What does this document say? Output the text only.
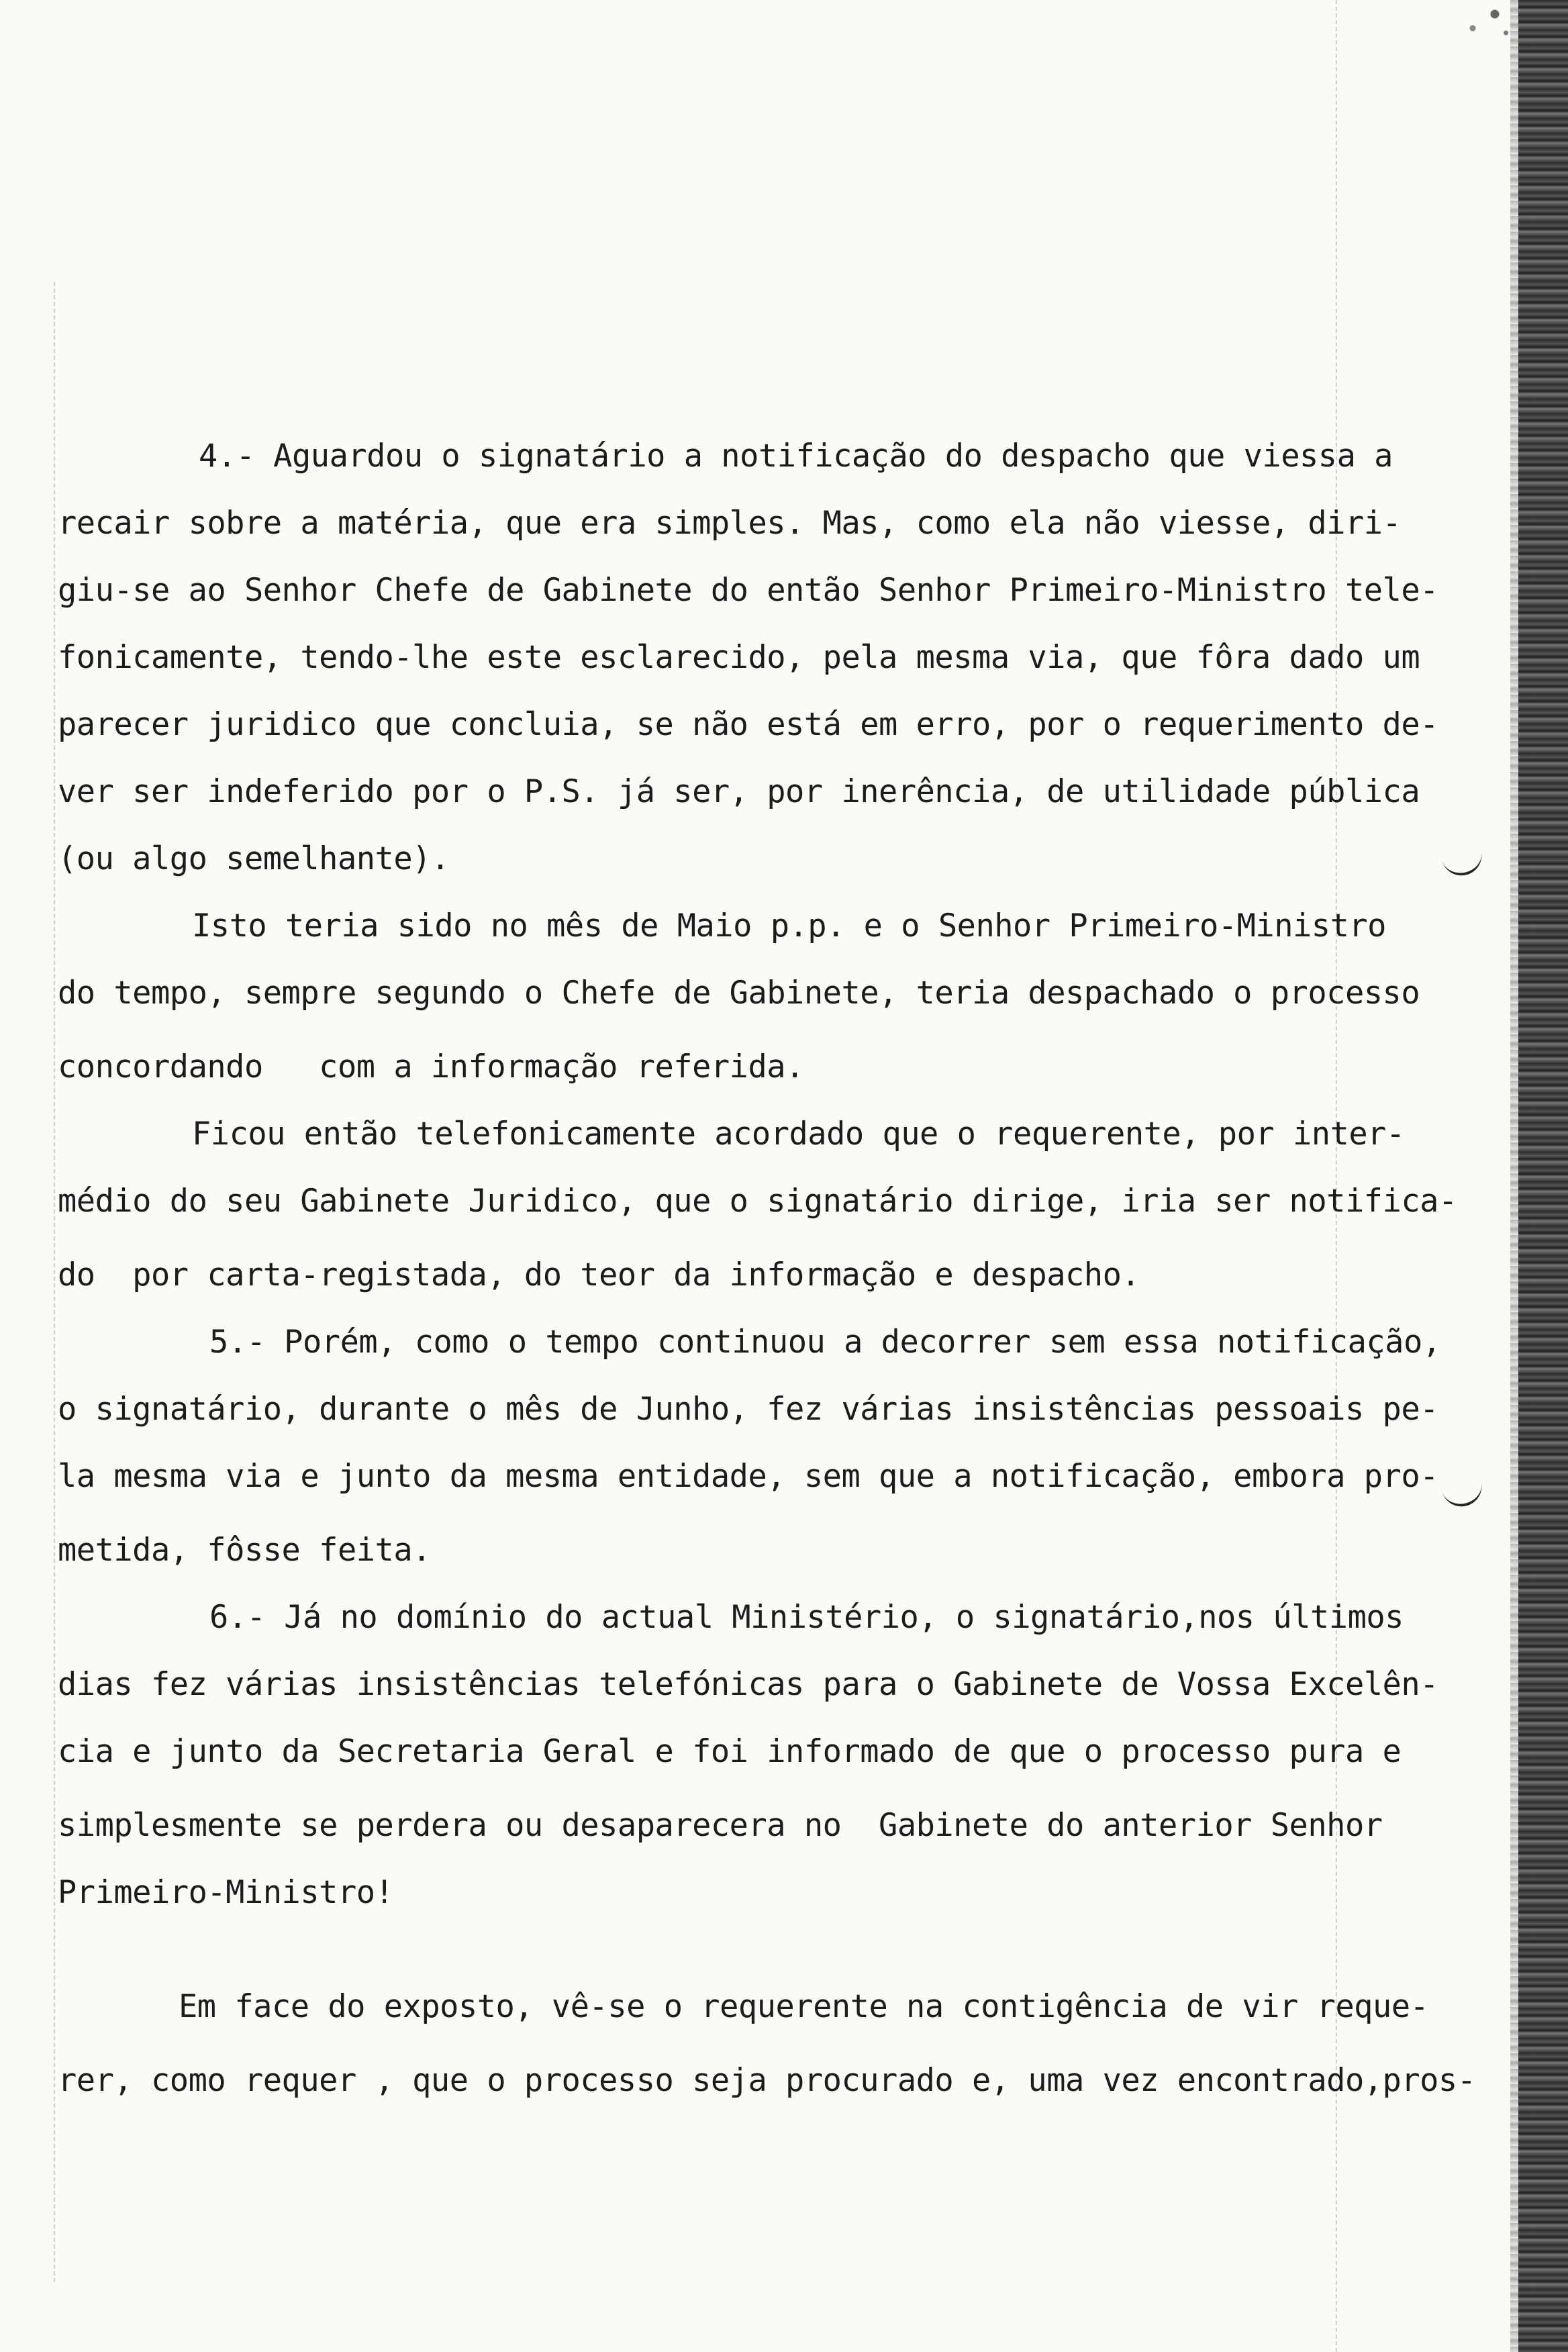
4.- Aguardou o signatário a notificação do despacho que viessa a
recair sobre a matéria, que era simples. Mas, como ela não viesse, diri-
giu-se ao Senhor Chefe de Gabinete do então Senhor Primeiro-Ministro tele-
fonicamente, tendo-lhe este esclarecido, pela mesma via, que fôra dado um
parecer juridico que concluia, se não está em erro, por o requerimento de-
ver ser indeferido por o P.S. já ser, por inerência, de utilidade pública
(ou algo semelhante).
Isto teria sido no mês de Maio p.p. e o Senhor Primeiro-Ministro
do tempo, sempre segundo o Chefe de Gabinete, teria despachado o processo
concordando   com a informação referida.
Ficou então telefonicamente acordado que o requerente, por inter-
médio do seu Gabinete Juridico, que o signatário dirige, iria ser notifica-
do  por carta-registada, do teor da informação e despacho.
5.- Porém, como o tempo continuou a decorrer sem essa notificação,
o signatário, durante o mês de Junho, fez várias insistências pessoais pe-
la mesma via e junto da mesma entidade, sem que a notificação, embora pro-
metida, fôsse feita.
6.- Já no domínio do actual Ministério, o signatário,nos últimos
dias fez várias insistências telefónicas para o Gabinete de Vossa Excelên-
cia e junto da Secretaria Geral e foi informado de que o processo pura e
simplesmente se perdera ou desaparecera no  Gabinete do anterior Senhor
Primeiro-Ministro!
Em face do exposto, vê-se o requerente na contigência de vir reque-
rer, como requer , que o processo seja procurado e, uma vez encontrado,pros-
